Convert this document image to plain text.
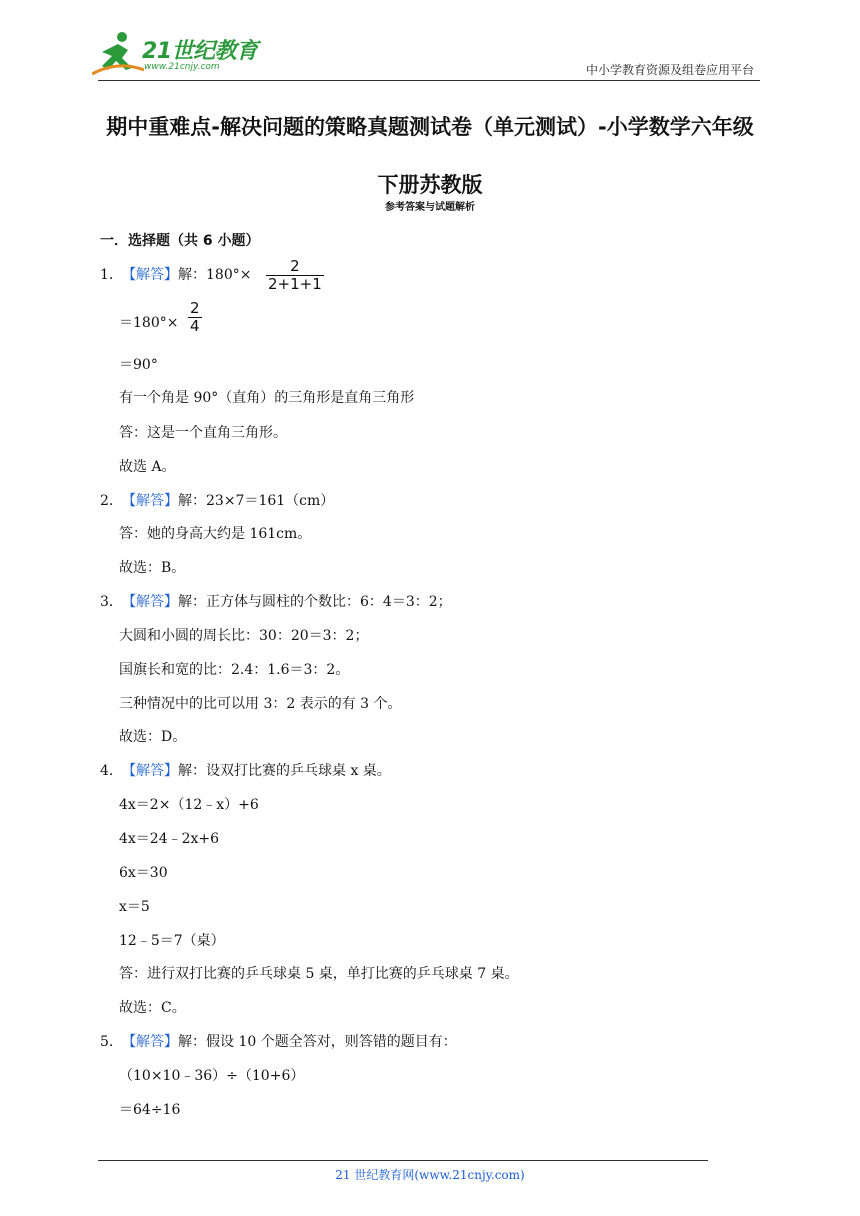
21世纪教育
www.21cnjy.com	中小学教育资源及组卷应用平台
期中重难点-解决问题的策略真题测试卷（单元测试）-小学数学六年级
下册苏教版
参考答案与试题解析
一．选择题（共 6 小题）
1． 【解答】解：$180^\circ\times \frac{2}{2+1+1}$
$=180^\circ\times \frac{2}{4}$
＝90°
有一个角是 90°（直角）的三角形是直角三角形
答：这是一个直角三角形。
故选 A。
2． 【解答】解：23×7＝161（cm）
答：她的身高大约是 161cm。
故选：B。
3． 【解答】解：正方体与圆柱的个数比：6：4＝3：2；
大圆和小圆的周长比：30：20＝3：2；
国旗长和宽的比：2.4：1.6＝3：2。
三种情况中的比可以用 3：2 表示的有 3 个。
故选：D。
4． 【解答】解：设双打比赛的乒乓球桌 x 桌。
4x＝2×（12﹣x）+6
4x＝24﹣2x+6
6x＝30
x＝5
12﹣5＝7（桌）
答：进行双打比赛的乒乓球桌 5 桌，单打比赛的乒乓球桌 7 桌。
故选：C。
5． 【解答】解：假设 10 个题全答对，则答错的题目有：
（10×10﹣36）÷（10+6）
＝64÷16
21 世纪教育网(www.21cnjy.com)
